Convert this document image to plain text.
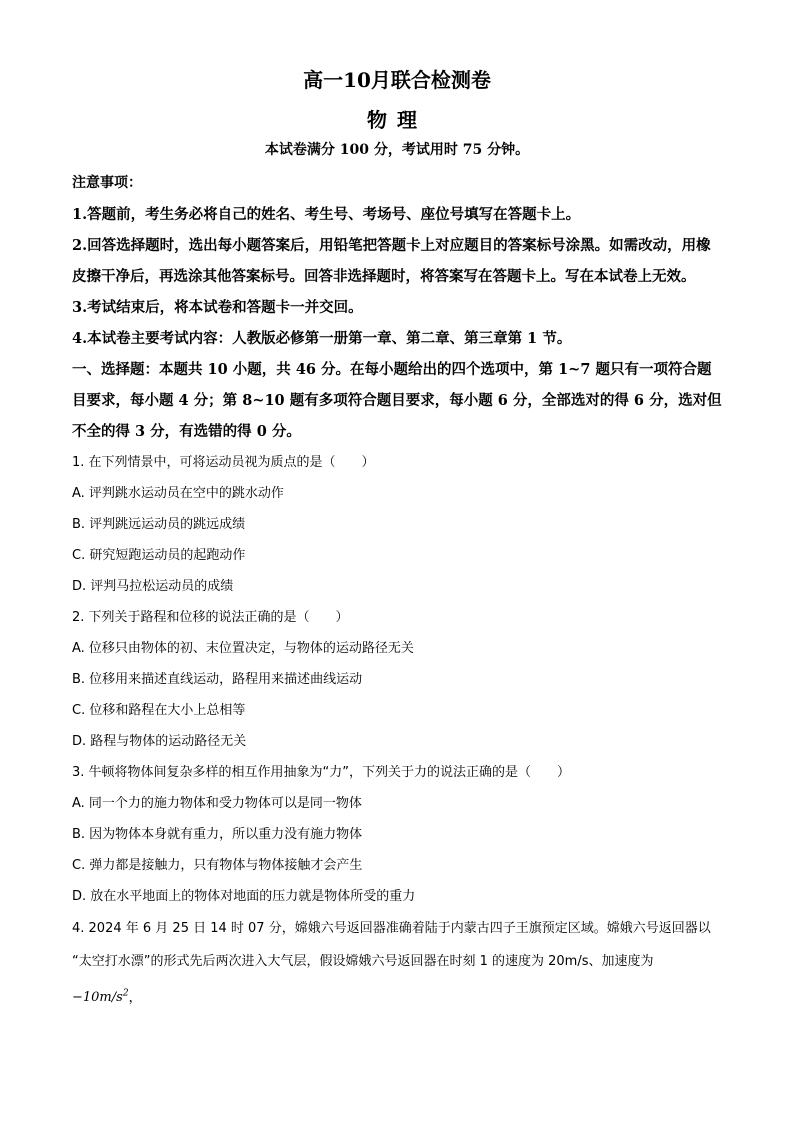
高一10月联合检测卷
物理
本试卷满分 100 分，考试用时 75 分钟。
注意事项：
1.答题前，考生务必将自己的姓名、考生号、考场号、座位号填写在答题卡上。
2.回答选择题时，选出每小题答案后，用铅笔把答题卡上对应题目的答案标号涂黑。如需改动，用橡皮擦干净后，再选涂其他答案标号。回答非选择题时，将答案写在答题卡上。写在本试卷上无效。
3.考试结束后，将本试卷和答题卡一并交回。
4.本试卷主要考试内容：人教版必修第一册第一章、第二章、第三章第 1 节。
一、选择题：本题共 10 小题，共 46 分。在每小题给出的四个选项中，第 1~7 题只有一项符合题目要求，每小题 4 分；第 8~10 题有多项符合题目要求，每小题 6 分，全部选对的得 6 分，选对但不全的得 3 分，有选错的得 0 分。
1. 在下列情景中，可将运动员视为质点的是（　　）
A. 评判跳水运动员在空中的跳水动作
B. 评判跳远运动员的跳远成绩
C. 研究短跑运动员的起跑动作
D. 评判马拉松运动员的成绩
2. 下列关于路程和位移的说法正确的是（　　）
A. 位移只由物体的初、末位置决定，与物体的运动路径无关
B. 位移用来描述直线运动，路程用来描述曲线运动
C. 位移和路程在大小上总相等
D. 路程与物体的运动路径无关
3. 牛顿将物体间复杂多样的相互作用抽象为“力”，下列关于力的说法正确的是（　　）
A. 同一个力的施力物体和受力物体可以是同一物体
B. 因为物体本身就有重力，所以重力没有施力物体
C. 弹力都是接触力，只有物体与物体接触才会产生
D. 放在水平地面上的物体对地面的压力就是物体所受的重力
4. 2024 年 6 月 25 日 14 时 07 分，嫦娥六号返回器准确着陆于内蒙古四子王旗预定区域。嫦娥六号返回器以
“太空打水漂”的形式先后两次进入大气层，假设嫦娥六号返回器在时刻 1 的速度为 20m/s、加速度为$-10m/s^2$，
